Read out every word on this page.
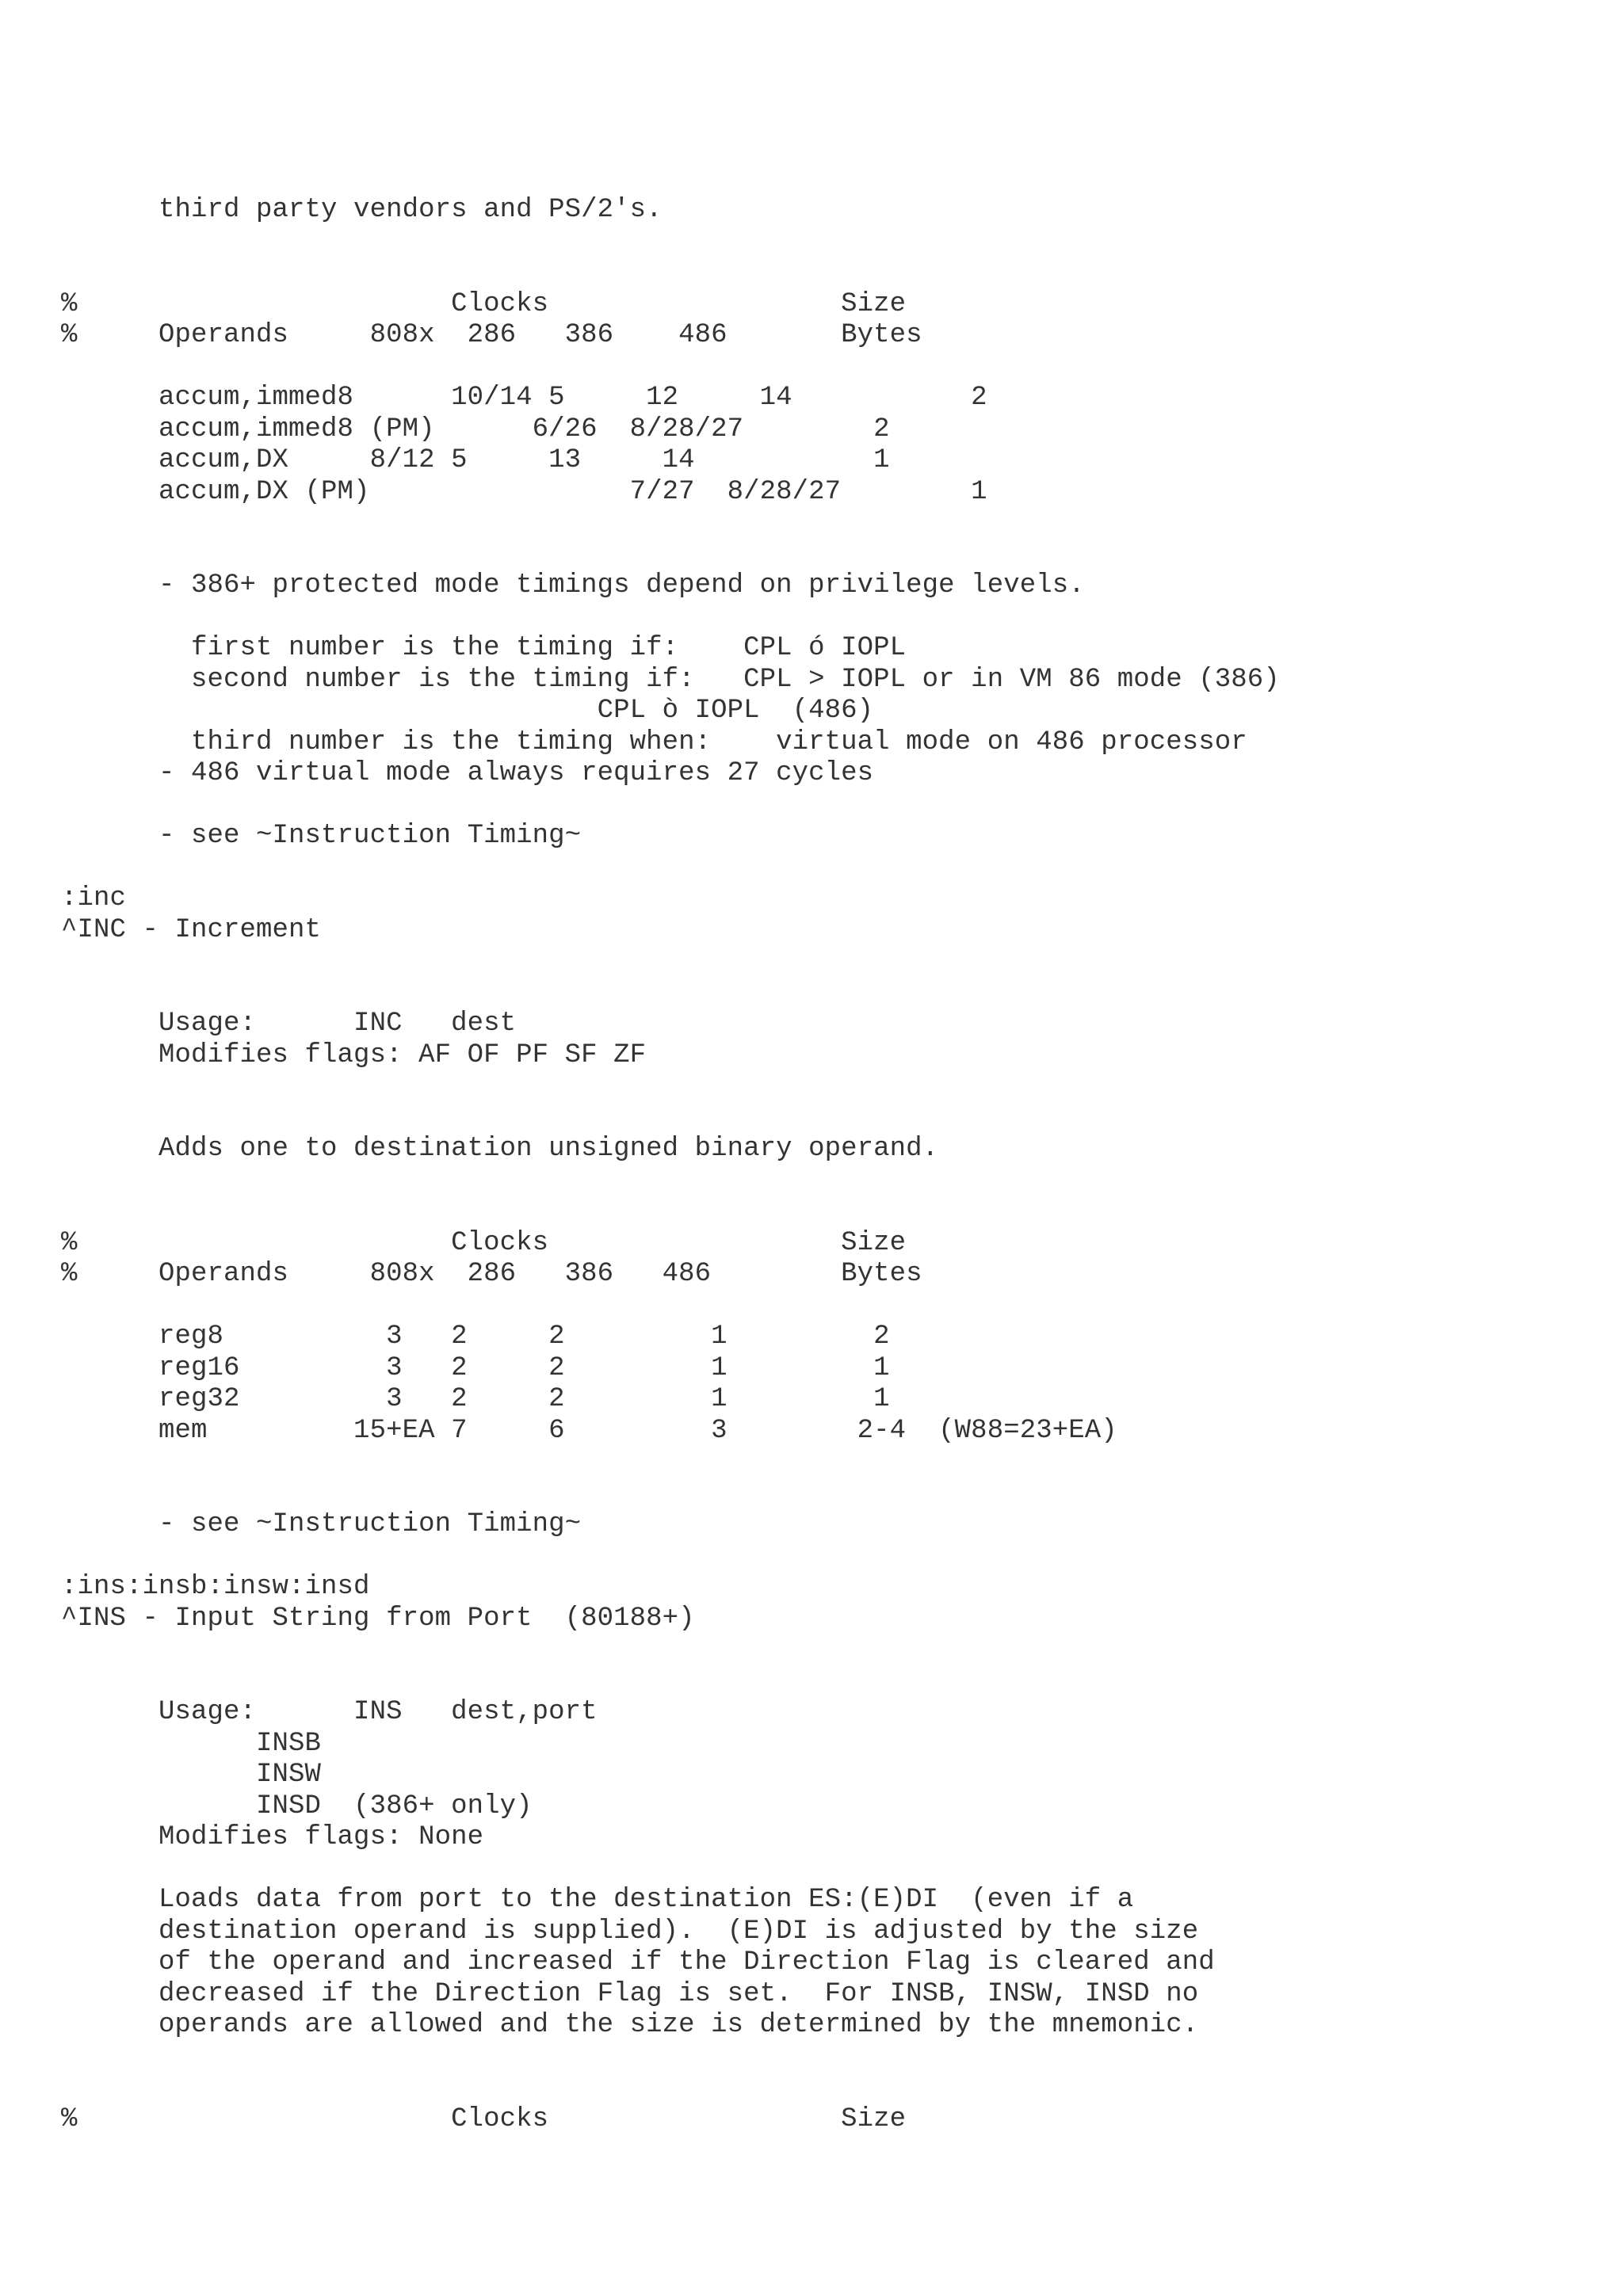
third party vendors and PS/2's.
%                       Clocks                  Size
%     Operands     808x  286   386    486       Bytes
accum,immed8      10/14 5     12     14           2
accum,immed8 (PM)      6/26  8/28/27        2
accum,DX     8/12 5     13     14           1
accum,DX (PM)                7/27  8/28/27        1
- 386+ protected mode timings depend on privilege levels.
first number is the timing if:    CPL ó IOPL
second number is the timing if:   CPL > IOPL or in VM 86 mode (386)
CPL ò IOPL  (486)
third number is the timing when:    virtual mode on 486 processor
- 486 virtual mode always requires 27 cycles
- see ~Instruction Timing~
:inc
^INC - Increment
Usage:      INC   dest
Modifies flags: AF OF PF SF ZF
Adds one to destination unsigned binary operand.
%                       Clocks                  Size
%     Operands     808x  286   386   486        Bytes
reg8          3   2     2         1         2
reg16         3   2     2         1         1
reg32         3   2     2         1         1
mem         15+EA 7     6         3        2-4  (W88=23+EA)
- see ~Instruction Timing~
:ins:insb:insw:insd
^INS - Input String from Port  (80188+)
Usage:      INS   dest,port
INSB
INSW
INSD  (386+ only)
Modifies flags: None
Loads data from port to the destination ES:(E)DI  (even if a
destination operand is supplied).  (E)DI is adjusted by the size
of the operand and increased if the Direction Flag is cleared and
decreased if the Direction Flag is set.  For INSB, INSW, INSD no
operands are allowed and the size is determined by the mnemonic.
%                       Clocks                  Size
